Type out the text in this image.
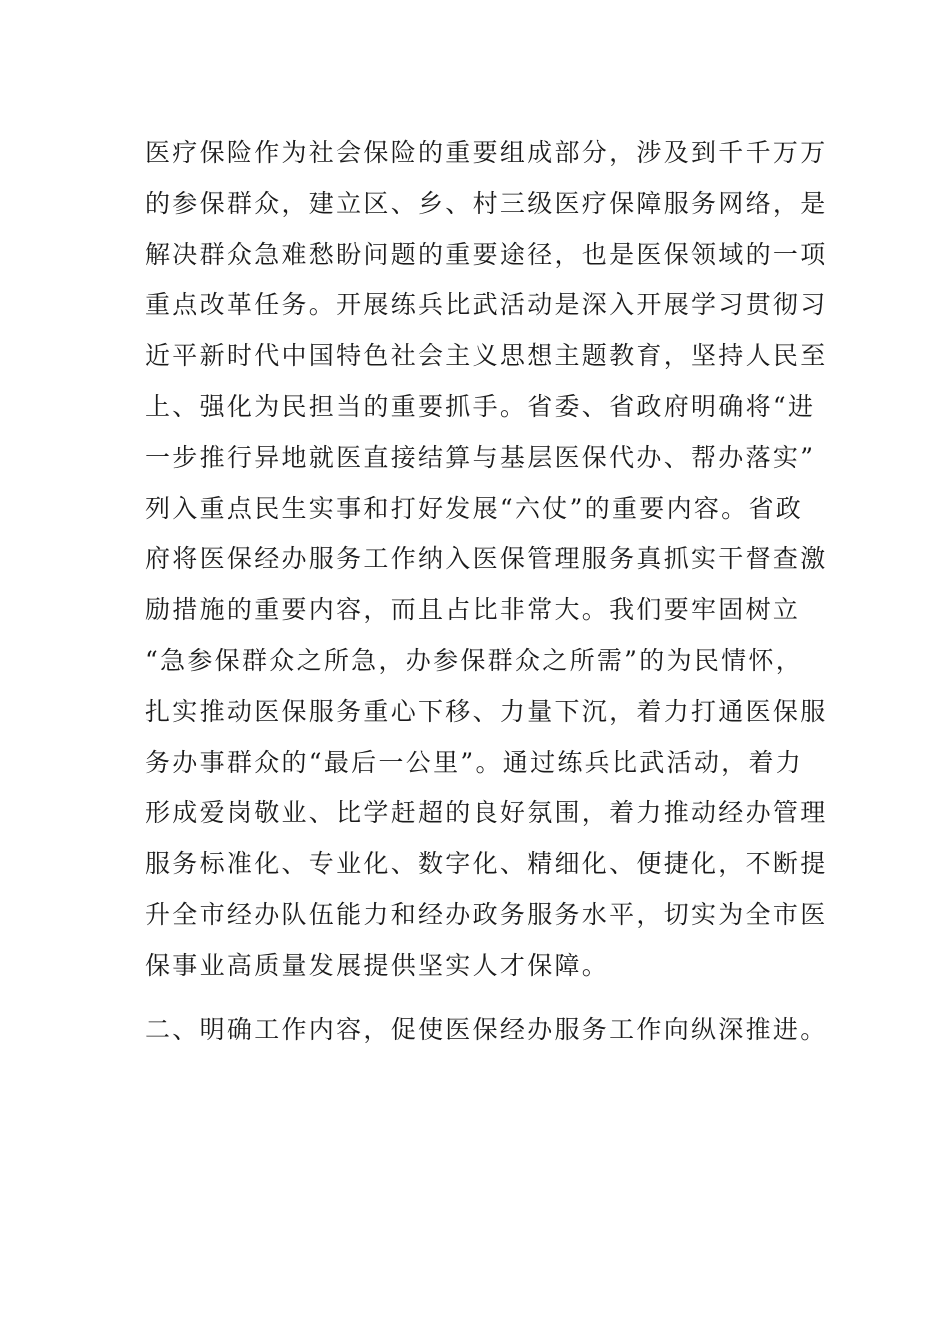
医疗保险作为社会保险的重要组成部分，涉及到千千万万
的参保群众，建立区、乡、村三级医疗保障服务网络，是
解决群众急难愁盼问题的重要途径，也是医保领域的一项
重点改革任务。开展练兵比武活动是深入开展学习贯彻习
近平新时代中国特色社会主义思想主题教育，坚持人民至
上、强化为民担当的重要抓手。省委、省政府明确将“进
一步推行异地就医直接结算与基层医保代办、帮办落实”
列入重点民生实事和打好发展“六仗”的重要内容。省政
府将医保经办服务工作纳入医保管理服务真抓实干督查激
励措施的重要内容，而且占比非常大。我们要牢固树立
“急参保群众之所急，办参保群众之所需”的为民情怀，
扎实推动医保服务重心下移、力量下沉，着力打通医保服
务办事群众的“最后一公里”。通过练兵比武活动，着力
形成爱岗敬业、比学赶超的良好氛围，着力推动经办管理
服务标准化、专业化、数字化、精细化、便捷化，不断提
升全市经办队伍能力和经办政务服务水平，切实为全市医
保事业高质量发展提供坚实人才保障。
二、明确工作内容，促使医保经办服务工作向纵深推进。
